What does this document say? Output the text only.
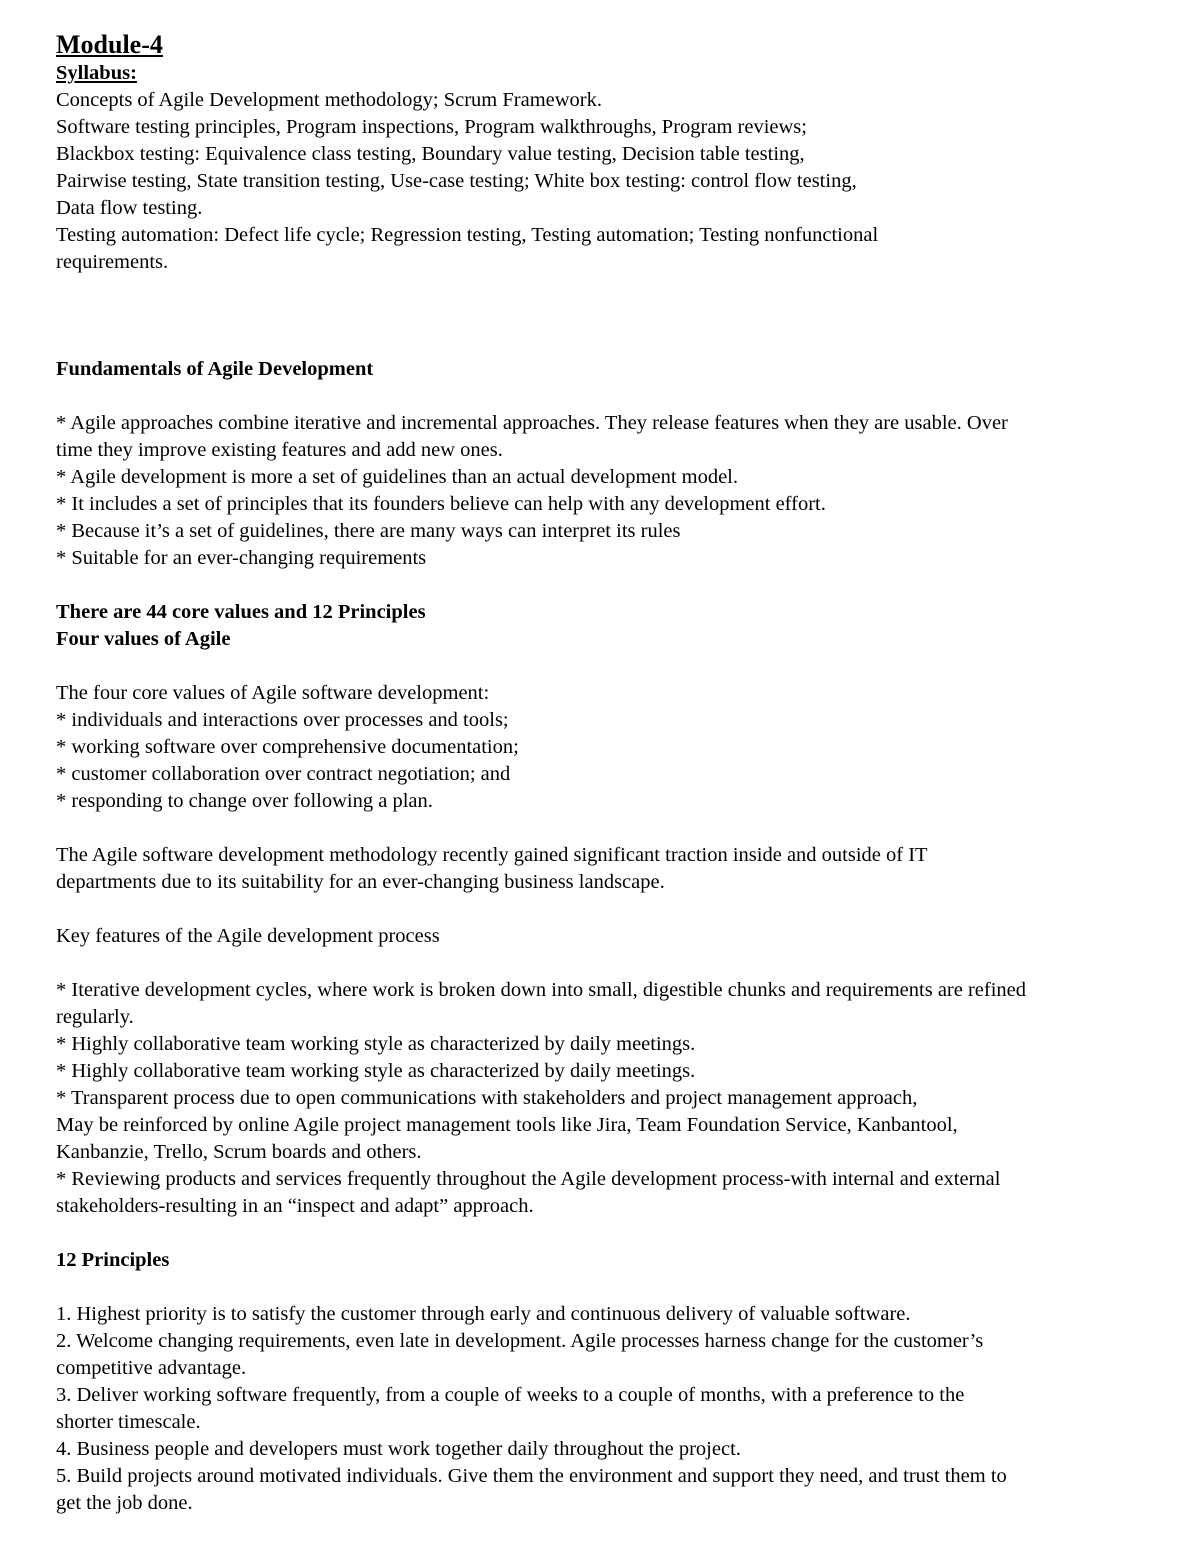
Module-4
Syllabus:
Concepts of Agile Development methodology; Scrum Framework.
Software testing principles, Program inspections, Program walkthroughs, Program reviews;
Blackbox testing: Equivalence class testing, Boundary value testing, Decision table testing,
Pairwise testing, State transition testing, Use-case testing; White box testing: control flow testing,
Data flow testing.
Testing automation: Defect life cycle; Regression testing, Testing automation; Testing nonfunctional
requirements.
Fundamentals of Agile Development
* Agile approaches combine iterative and incremental approaches. They release features when they are usable. Over
time they improve existing features and add new ones.
* Agile development is more a set of guidelines than an actual development model.
* It includes a set of principles that its founders believe can help with any development effort.
* Because it’s a set of guidelines, there are many ways can interpret its rules
* Suitable for an ever-changing requirements
There are 44 core values and 12 Principles
Four values of Agile
The four core values of Agile software development:
* individuals and interactions over processes and tools;
* working software over comprehensive documentation;
* customer collaboration over contract negotiation; and
* responding to change over following a plan.
The Agile software development methodology recently gained significant traction inside and outside of IT
departments due to its suitability for an ever-changing business landscape.
Key features of the Agile development process
* Iterative development cycles, where work is broken down into small, digestible chunks and requirements are refined
regularly.
* Highly collaborative team working style as characterized by daily meetings.
* Highly collaborative team working style as characterized by daily meetings.
* Transparent process due to open communications with stakeholders and project management approach,
May be reinforced by online Agile project management tools like Jira, Team Foundation Service, Kanbantool,
Kanbanzie, Trello, Scrum boards and others.
* Reviewing products and services frequently throughout the Agile development process-with internal and external
stakeholders-resulting in an “inspect and adapt” approach.
12 Principles
1. Highest priority is to satisfy the customer through early and continuous delivery of valuable software.
2. Welcome changing requirements, even late in development. Agile processes harness change for the customer’s
competitive advantage.
3. Deliver working software frequently, from a couple of weeks to a couple of months, with a preference to the
shorter timescale.
4. Business people and developers must work together daily throughout the project.
5. Build projects around motivated individuals. Give them the environment and support they need, and trust them to
get the job done.
